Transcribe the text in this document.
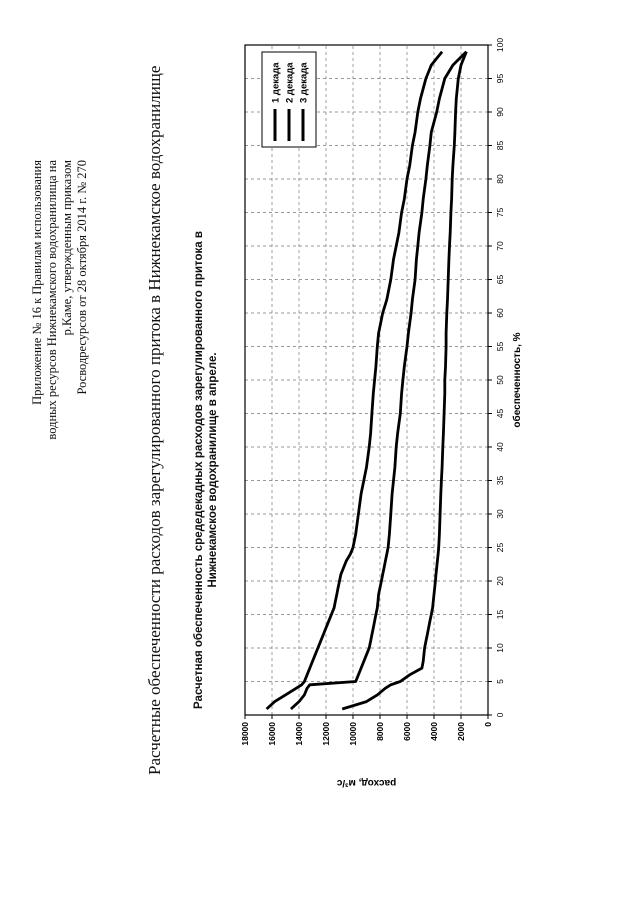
Приложение № 16 к Правилам использования водных ресурсов Нижнекамского водохранилища на р.Каме, утвержденным приказом Росводресурсов от 28 октября 2014 г. № 270	Расчетные обеспеченности расходов зарегулированного притока в Нижнекамское водохранилище	Расчетная обеспеченность средедекадных расходов зарегулированного притока в Нижнекамское водохранилище в апреле.
0
5
10
15
20
25
30
35
40
45
50
55
60
65
70
75
80
85
90
95
100
0
2000
4000
6000
8000
10000
12000
14000
16000
18000
расход, м³/с
обеспеченность, %
1 декада 2 декада 3 декада
